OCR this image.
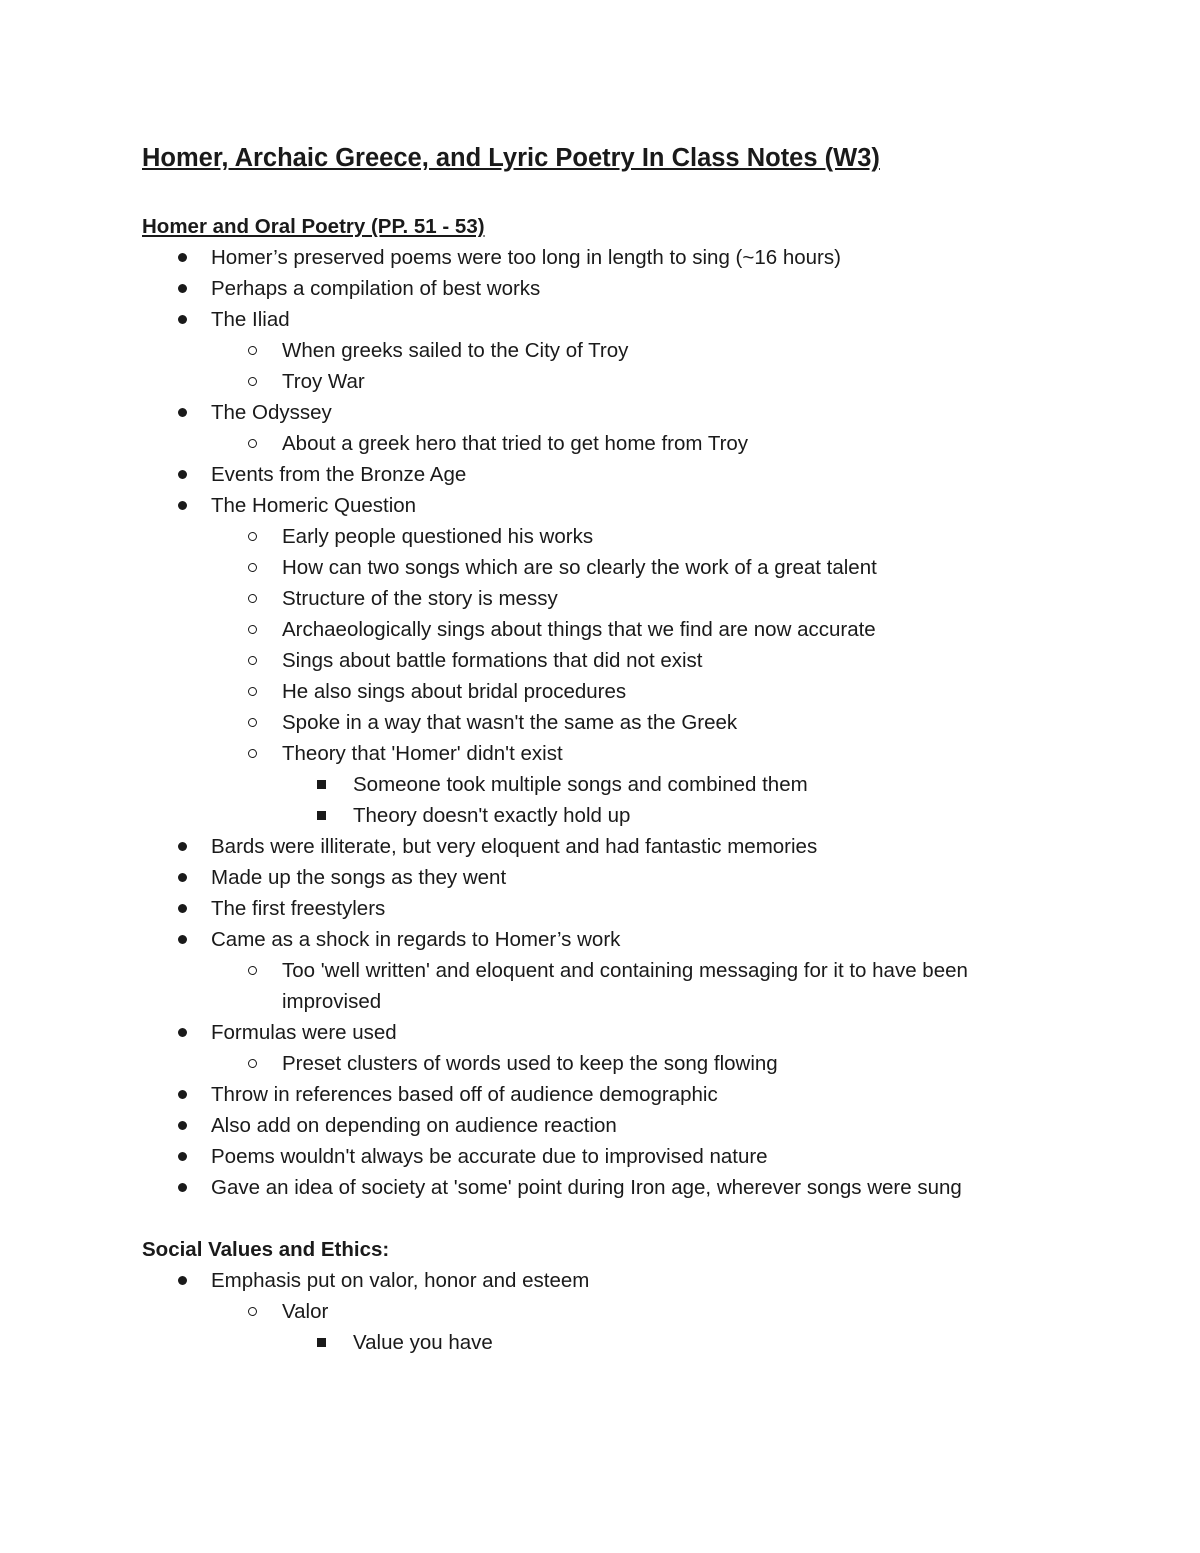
Homer, Archaic Greece, and Lyric Poetry In Class Notes (W3)
Homer and Oral Poetry (PP. 51 - 53)
Homer’s preserved poems were too long in length to sing (~16 hours)
Perhaps a compilation of best works
The Iliad
When greeks sailed to the City of Troy
Troy War
The Odyssey
About a greek hero that tried to get home from Troy
Events from the Bronze Age
The Homeric Question
Early people questioned his works
How can two songs which are so clearly the work of a great talent
Structure of the story is messy
Archaeologically sings about things that we find are now accurate
Sings about battle formations that did not exist
He also sings about bridal procedures
Spoke in a way that wasn't the same as the Greek
Theory that 'Homer' didn't exist
Someone took multiple songs and combined them
Theory doesn't exactly hold up
Bards were illiterate, but very eloquent and had fantastic memories
Made up the songs as they went
The first freestylers
Came as a shock in regards to Homer’s work
Too 'well written' and eloquent and containing messaging for it to have been improvised
Formulas were used
Preset clusters of words used to keep the song flowing
Throw in references based off of audience demographic
Also add on depending on audience reaction
Poems wouldn't always be accurate due to improvised nature
Gave an idea of society at 'some' point during Iron age, wherever songs were sung
Social Values and Ethics:
Emphasis put on valor, honor and esteem
Valor
Value you have
